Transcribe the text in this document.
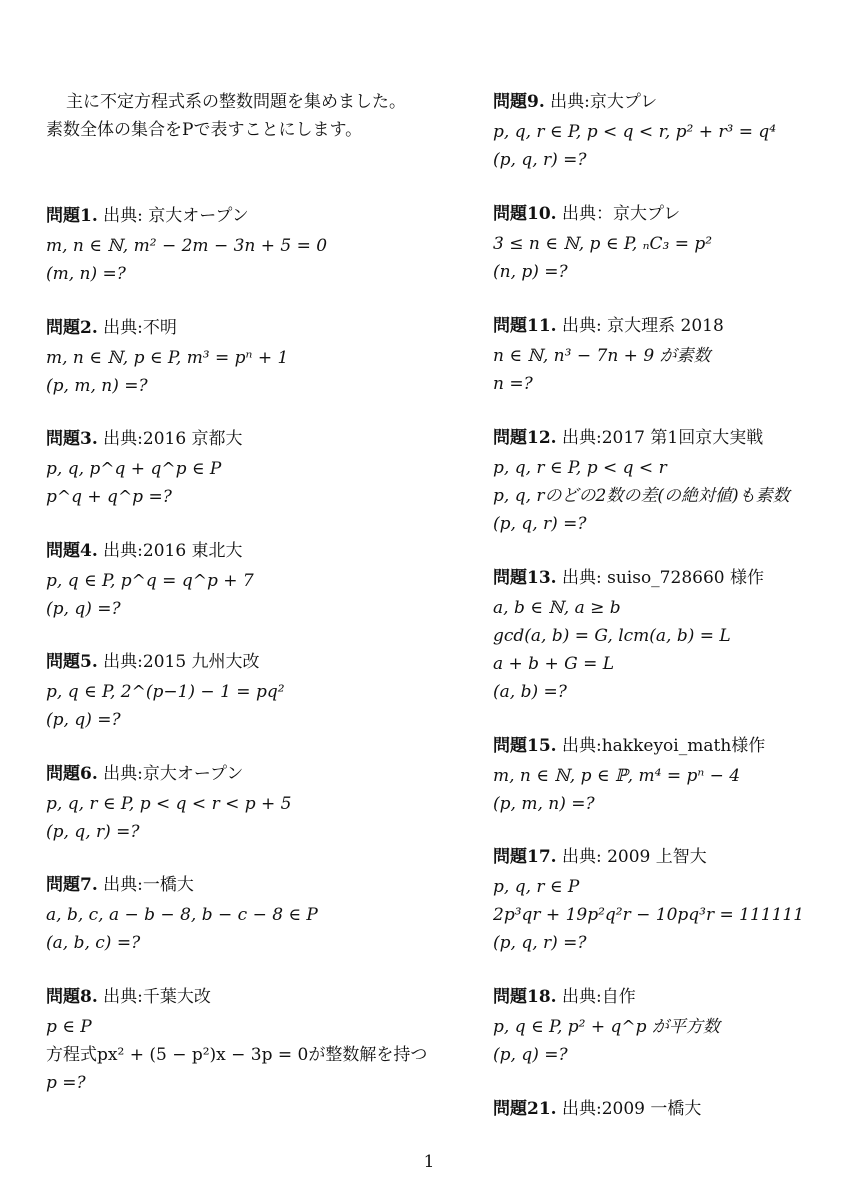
主に不定方程式系の整数問題を集めました。
素数全体の集合をPで表すことにします。
問題1. 出典: 京大オープン
m, n ∈ ℕ, m² − 2m − 3n + 5 = 0
(m, n) =?
問題2. 出典:不明
m, n ∈ ℕ, p ∈ P, m³ = pⁿ + 1
(p, m, n) =?
問題3. 出典:2016 京都大
p, q, p^q + q^p ∈ P
p^q + q^p =?
問題4. 出典:2016 東北大
p, q ∈ P, p^q = q^p + 7
(p, q) =?
問題5. 出典:2015 九州大改
p, q ∈ P, 2^(p−1) − 1 = pq²
(p, q) =?
問題6. 出典:京大オープン
p, q, r ∈ P, p < q < r < p + 5
(p, q, r) =?
問題7. 出典:一橋大
a, b, c, a − b − 8, b − c − 8 ∈ P
(a, b, c) =?
問題8. 出典:千葉大改
p ∈ P
方程式px² + (5 − p²)x − 3p = 0が整数解を持つ
p =?
問題9. 出典:京大プレ
p, q, r ∈ P, p < q < r, p² + r³ = q⁴
(p, q, r) =?
問題10. 出典：京大プレ
3 ≤ n ∈ ℕ, p ∈ P, ₙC₃ = p²
(n, p) =?
問題11. 出典: 京大理系 2018
n ∈ ℕ, n³ − 7n + 9 が素数
n =?
問題12. 出典:2017 第1回京大実戦
p, q, r ∈ P, p < q < r
p, q, rのどの2数の差(の絶対値)も素数
(p, q, r) =?
問題13. 出典: suiso_728660 様作
a, b ∈ ℕ, a ≥ b
gcd(a, b) = G, lcm(a, b) = L
a + b + G = L
(a, b) =?
問題15. 出典:hakkeyoi_math様作
m, n ∈ ℕ, p ∈ ℙ, m⁴ = pⁿ − 4
(p, m, n) =?
問題17. 出典: 2009 上智大
p, q, r ∈ P
2p³qr + 19p²q²r − 10pq³r = 111111
(p, q, r) =?
問題18. 出典:自作
p, q ∈ P, p² + q^p が平方数
(p, q) =?
問題21. 出典:2009 一橋大
1
